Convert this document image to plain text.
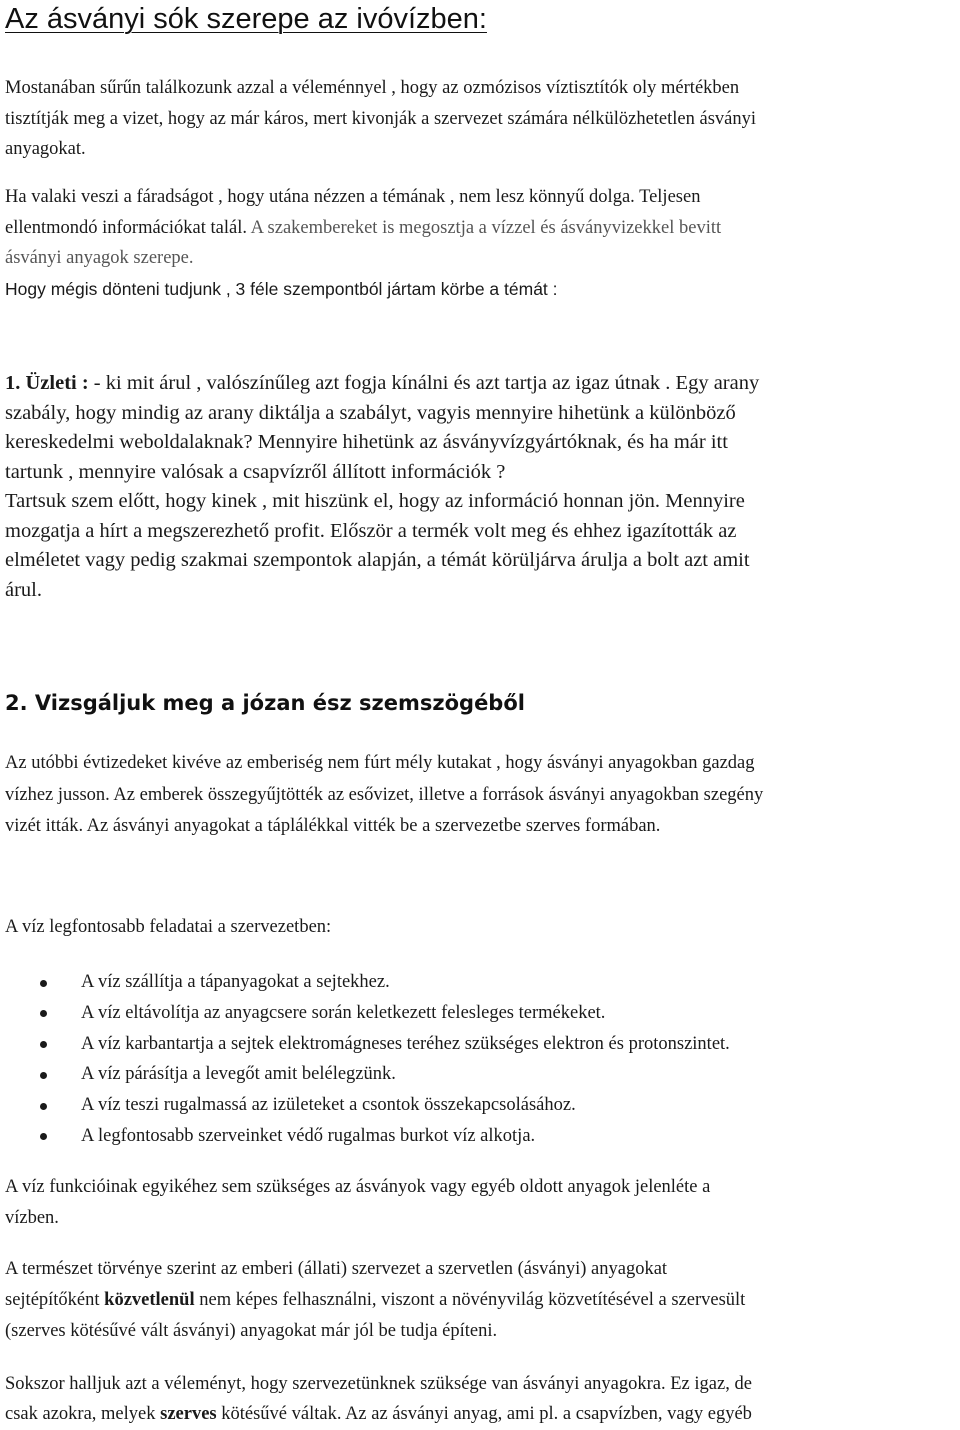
Az ásványi sók szerepe az ivóvízben:

Mostanában sűrűn találkozunk azzal a véleménnyel , hogy az ozmózisos víztisztítók oly mértékben

tisztítják meg a vizet, hogy az már káros, mert kivonják a szervezet számára nélkülözhetetlen ásványi

anyagokat.

Ha valaki veszi a fáradságot , hogy utána nézzen a témának , nem lesz könnyű dolga. Teljesen

ellentmondó információkat talál. A szakembereket is megosztja a vízzel és ásványvizekkel bevitt

ásványi anyagok szerepe.

Hogy mégis dönteni tudjunk , 3 féle szempontból jártam körbe a témát :

1. Üzleti : - ki mit árul , valószínűleg azt fogja kínálni és azt tartja az igaz útnak . Egy arany

szabály, hogy mindig az arany diktálja a szabályt, vagyis mennyire hihetünk a különböző

kereskedelmi weboldalaknak? Mennyire hihetünk az ásványvízgyártóknak, és ha már itt

tartunk , mennyire valósak a csapvízről állított információk ?

Tartsuk szem előtt, hogy kinek , mit hiszünk el, hogy az információ honnan jön. Mennyire

mozgatja a hírt a megszerezhető profit. Először a termék volt meg és ehhez igazították az

elméletet vagy pedig szakmai szempontok alapján, a témát körüljárva árulja a bolt azt amit

árul.

2. Vizsgáljuk meg a józan ész szemszögéből

Az utóbbi évtizedeket kivéve az emberiség nem fúrt mély kutakat , hogy ásványi anyagokban gazdag

vízhez jusson. Az emberek összegyűjtötték az esővizet, illetve a források ásványi anyagokban szegény

vizét itták. Az ásványi anyagokat a táplálékkal vitték be a szervezetbe szerves formában.

A víz legfontosabb feladatai a szervezetben:

A víz szállítja a tápanyagokat a sejtekhez.
A víz eltávolítja az anyagcsere során keletkezett felesleges termékeket.
A víz karbantartja a sejtek elektromágneses teréhez szükséges elektron és protonszintet.
A víz párásítja a levegőt amit belélegzünk.
A víz teszi rugalmassá az izületeket a csontok összekapcsolásához.
A legfontosabb szerveinket védő rugalmas burkot víz alkotja.

A víz funkcióinak egyikéhez sem szükséges az ásványok vagy egyéb oldott anyagok jelenléte a

vízben.

A természet törvénye szerint az emberi (állati) szervezet a szervetlen (ásványi) anyagokat

sejtépítőként közvetlenül nem képes felhasználni, viszont a növényvilág közvetítésével a szervesült

(szerves kötésűvé vált ásványi) anyagokat már jól be tudja építeni.

Sokszor halljuk azt a véleményt, hogy szervezetünknek szüksége van ásványi anyagokra. Ez igaz, de

csak azokra, melyek szerves kötésűvé váltak. Az az ásványi anyag, ami pl. a csapvízben, vagy egyéb
